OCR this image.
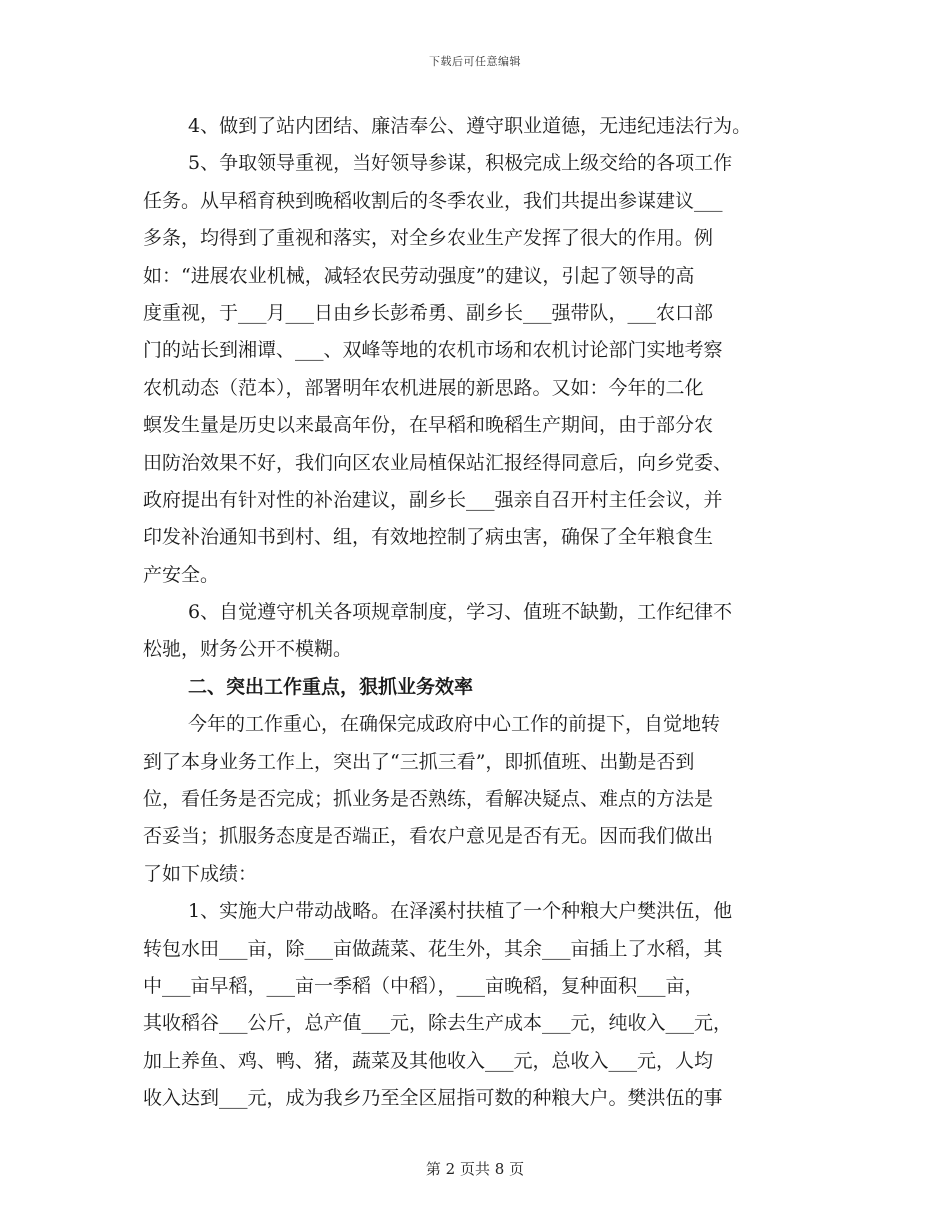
下载后可任意编辑
4、做到了站内团结、廉洁奉公、遵守职业道德，无违纪违法行为。
5、争取领导重视，当好领导参谋，积极完成上级交给的各项工作
任务。从早稻育秧到晚稻收割后的冬季农业，我们共提出参谋建议___
多条，均得到了重视和落实，对全乡农业生产发挥了很大的作用。例
如：“进展农业机械，减轻农民劳动强度”的建议，引起了领导的高
度重视，于___月___日由乡长彭希勇、副乡长___强带队，___农口部
门的站长到湘谭、___、双峰等地的农机市场和农机讨论部门实地考察
农机动态（范本），部署明年农机进展的新思路。又如：今年的二化
螟发生量是历史以来最高年份，在早稻和晚稻生产期间，由于部分农
田防治效果不好，我们向区农业局植保站汇报经得同意后，向乡党委、
政府提出有针对性的补治建议，副乡长___强亲自召开村主任会议，并
印发补治通知书到村、组，有效地控制了病虫害，确保了全年粮食生
产安全。
6、自觉遵守机关各项规章制度，学习、值班不缺勤，工作纪律不
松驰，财务公开不模糊。
二、突出工作重点，狠抓业务效率
今年的工作重心，在确保完成政府中心工作的前提下，自觉地转
到了本身业务工作上，突出了“三抓三看”，即抓值班、出勤是否到
位，看任务是否完成；抓业务是否熟练，看解决疑点、难点的方法是
否妥当；抓服务态度是否端正，看农户意见是否有无。因而我们做出
了如下成绩：
1、实施大户带动战略。在泽溪村扶植了一个种粮大户樊洪伍，他
转包水田___亩，除___亩做蔬菜、花生外，其余___亩插上了水稻，其
中___亩早稻，___亩一季稻（中稻），___亩晚稻，复种面积___亩，
其收稻谷___公斤，总产值___元，除去生产成本___元，纯收入___元，
加上养鱼、鸡、鸭、猪，蔬菜及其他收入___元，总收入___元，人均
收入达到___元，成为我乡乃至全区屈指可数的种粮大户。樊洪伍的事
第 2 页共 8 页
